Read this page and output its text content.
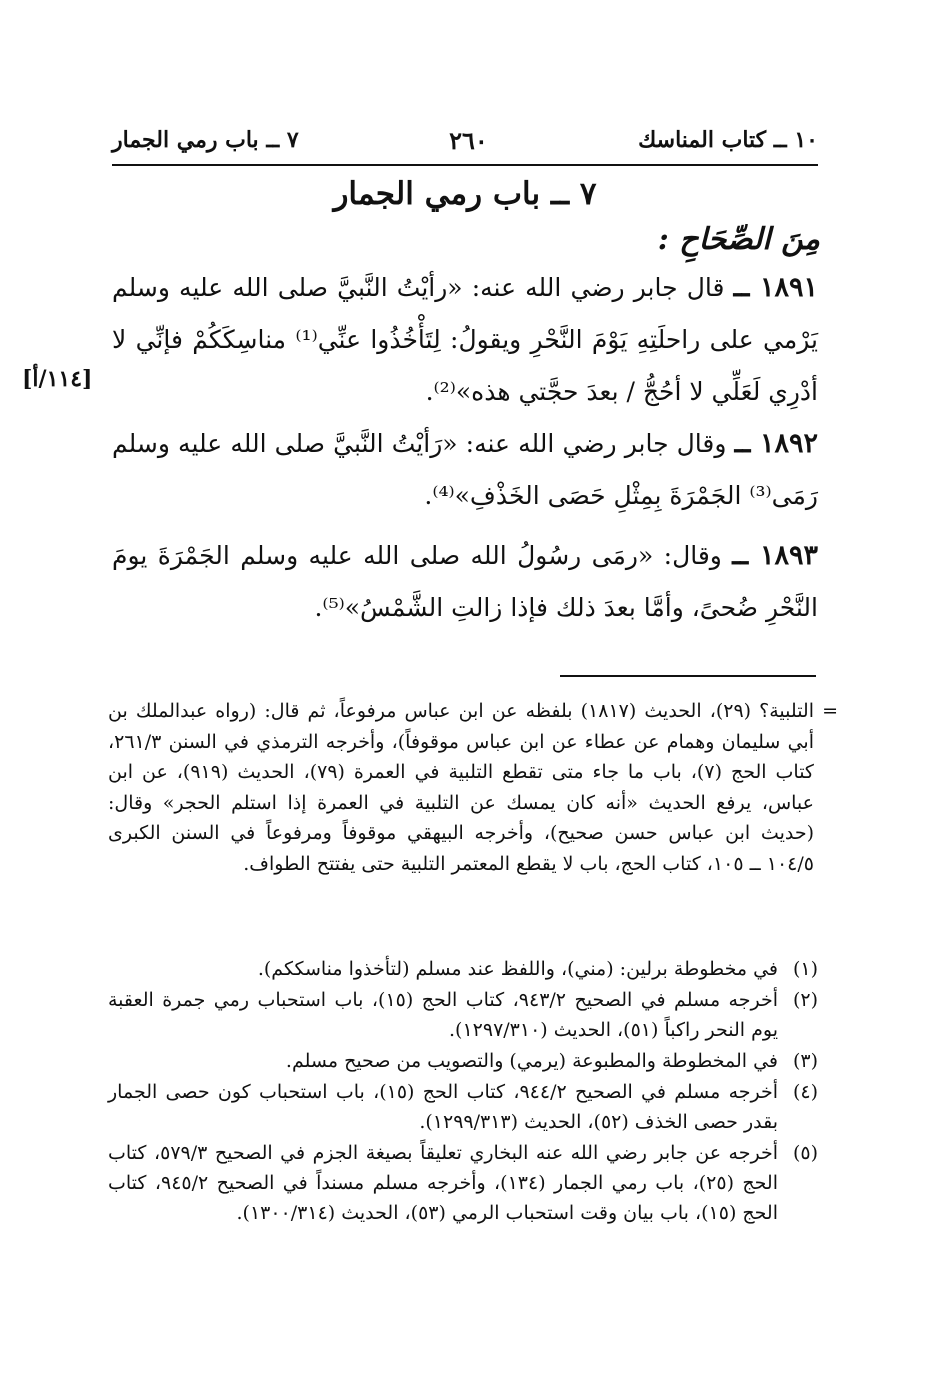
١٠ ــ كتاب المناسك
٢٦٠
٧ ــ باب رمي الجمار
٧ ــ باب رمي الجمار
مِنَ الصِّحَاحِ :
١٨٩١ ــ قال جابر رضي الله عنه: «رأيْتُ النَّبيَّ صلى الله عليه وسلم يَرْمي على راحلَتِهِ يَوْمَ النَّحْرِ ويقولُ: لِتَأْخُذُوا عنِّي⁽¹⁾ مناسِكَكُمْ فإنِّي لا أدْرِي لَعَلِّي لا أحُجُّ / بعدَ حجَّتي هذه»⁽²⁾.
[١١٤/أ]
١٨٩٢ ــ وقال جابر رضي الله عنه: «رَأيْتُ النَّبيَّ صلى الله عليه وسلم رَمَى⁽³⁾ الجَمْرَةَ بِمِثْلِ حَصَى الخَذْفِ»⁽⁴⁾.
١٨٩٣ ــ وقال: «رمَى رسُولُ الله صلى الله عليه وسلم الجَمْرَةَ يومَ النَّحْرِ ضُحىً، وأمَّا بعدَ ذلك فإذا زالتِ الشَّمْسُ»⁽⁵⁾.
=
التلبية؟ (٢٩)، الحديث (١٨١٧) بلفظه عن ابن عباس مرفوعاً، ثم قال: (رواه عبدالملك بن أبي سليمان وهمام عن عطاء عن ابن عباس موقوفاً)، وأخرجه الترمذي في السنن ٢٦١/٣، كتاب الحج (٧)، باب ما جاء متى تقطع التلبية في العمرة (٧٩)، الحديث (٩١٩)، عن ابن عباس، يرفع الحديث «أنه كان يمسك عن التلبية في العمرة إذا استلم الحجر» وقال: (حديث ابن عباس حسن صحيح)، وأخرجه البيهقي موقوفاً ومرفوعاً في السنن الكبرى ١٠٤/٥ ــ ١٠٥، كتاب الحج، باب لا يقطع المعتمر التلبية حتى يفتتح الطواف.
(١)
في مخطوطة برلين: (مني)، واللفظ عند مسلم (لتأخذوا مناسككم).
(٢)
أخرجه مسلم في الصحيح ٩٤٣/٢، كتاب الحج (١٥)، باب استحباب رمي جمرة العقبة يوم النحر راكباً (٥١)، الحديث (١٢٩٧/٣١٠).
(٣)
في المخطوطة والمطبوعة (يرمي) والتصويب من صحيح مسلم.
(٤)
أخرجه مسلم في الصحيح ٩٤٤/٢، كتاب الحج (١٥)، باب استحباب كون حصى الجمار بقدر حصى الخذف (٥٢)، الحديث (١٢٩٩/٣١٣).
(٥)
أخرجه عن جابر رضي الله عنه البخاري تعليقاً بصيغة الجزم في الصحيح ٥٧٩/٣، كتاب الحج (٢٥)، باب رمي الجمار (١٣٤)، وأخرجه مسلم مسنداً في الصحيح ٩٤٥/٢، كتاب الحج (١٥)، باب بيان وقت استحباب الرمي (٥٣)، الحديث (١٣٠٠/٣١٤).
